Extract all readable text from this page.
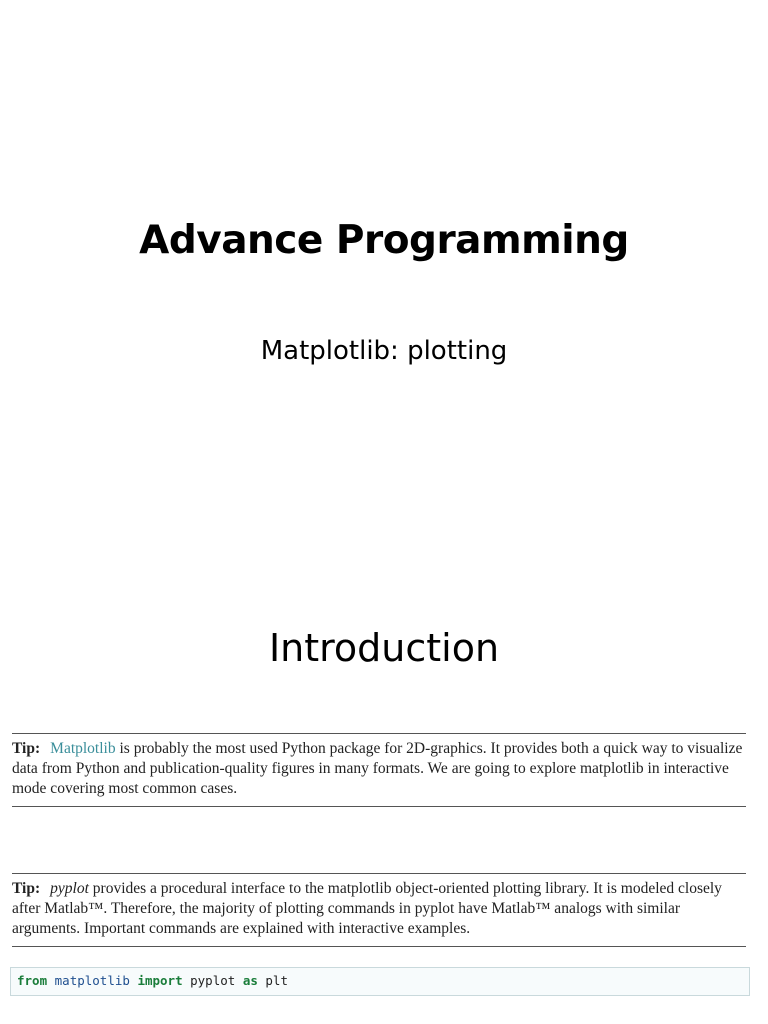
Advance Programming
Matplotlib: plotting
Introduction
Tip: Matplotlib is probably the most used Python package for 2D-graphics. It provides both a quick way to visualize data from Python and publication-quality figures in many formats. We are going to explore matplotlib in interactive mode covering most common cases.
Tip: pyplot provides a procedural interface to the matplotlib object-oriented plotting library. It is modeled closely after Matlab™. Therefore, the majority of plotting commands in pyplot have Matlab™ analogs with similar arguments. Important commands are explained with interactive examples.
from matplotlib import pyplot as plt
